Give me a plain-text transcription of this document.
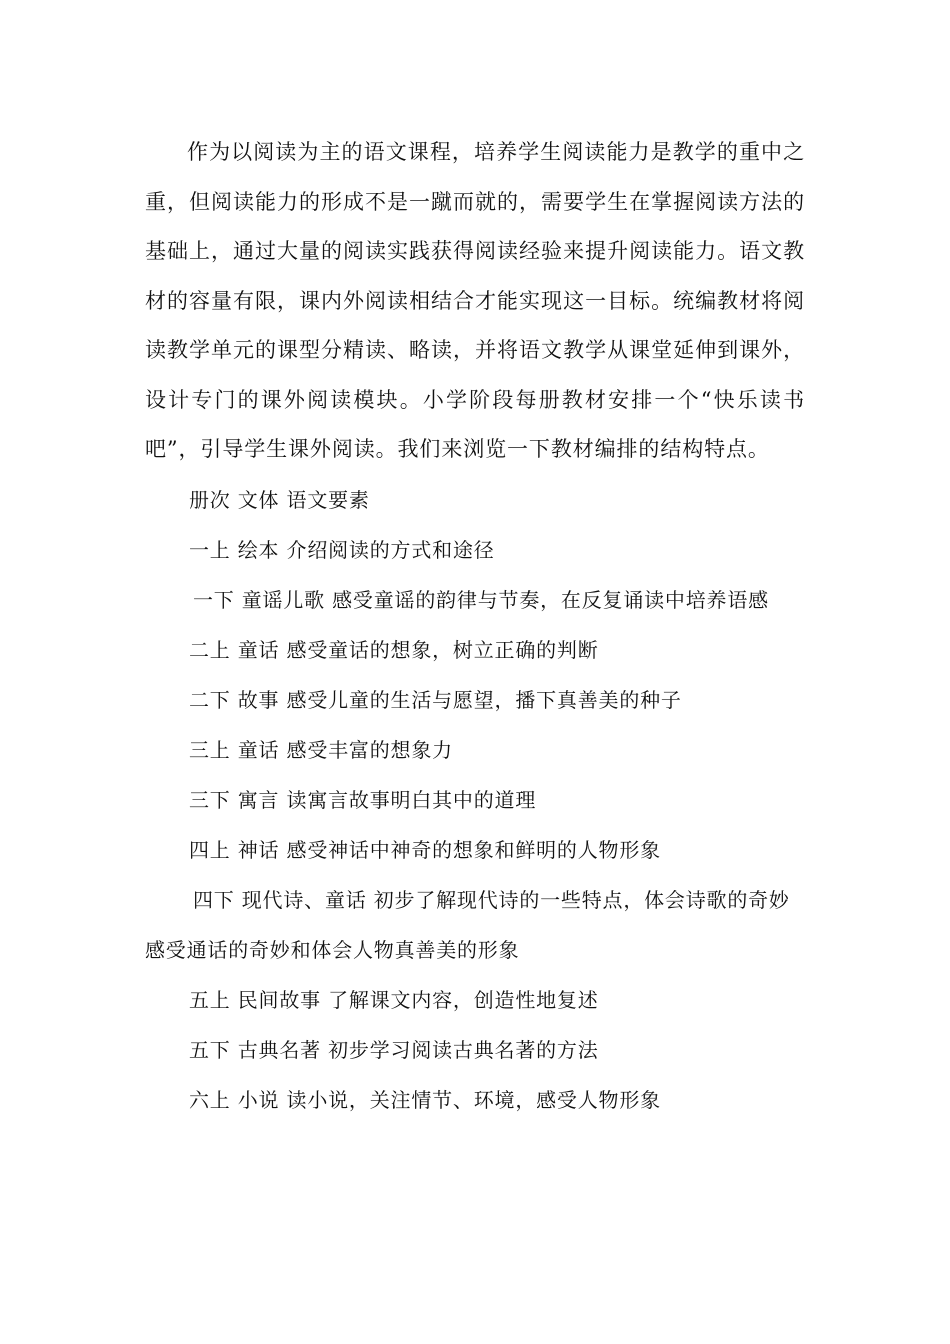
作为以阅读为主的语文课程，培养学生阅读能力是教学的重中之重，但阅读能力的形成不是一蹴而就的，需要学生在掌握阅读方法的基础上，通过大量的阅读实践获得阅读经验来提升阅读能力。语文教材的容量有限，课内外阅读相结合才能实现这一目标。统编教材将阅读教学单元的课型分精读、略读，并将语文教学从课堂延伸到课外，设计专门的课外阅读模块。小学阶段每册教材安排一个“快乐读书吧”，引导学生课外阅读。我们来浏览一下教材编排的结构特点。

册次 文体 语文要素
一上 绘本 介绍阅读的方式和途径
一下 童谣儿歌 感受童谣的韵律与节奏，在反复诵读中培养语感
二上 童话 感受童话的想象，树立正确的判断
二下 故事 感受儿童的生活与愿望，播下真善美的种子
三上 童话 感受丰富的想象力
三下 寓言 读寓言故事明白其中的道理
四上 神话 感受神话中神奇的想象和鲜明的人物形象
四下 现代诗、童话 初步了解现代诗的一些特点，体会诗歌的奇妙 感受通话的奇妙和体会人物真善美的形象
五上 民间故事 了解课文内容，创造性地复述
五下 古典名著 初步学习阅读古典名著的方法
六上 小说 读小说，关注情节、环境，感受人物形象
